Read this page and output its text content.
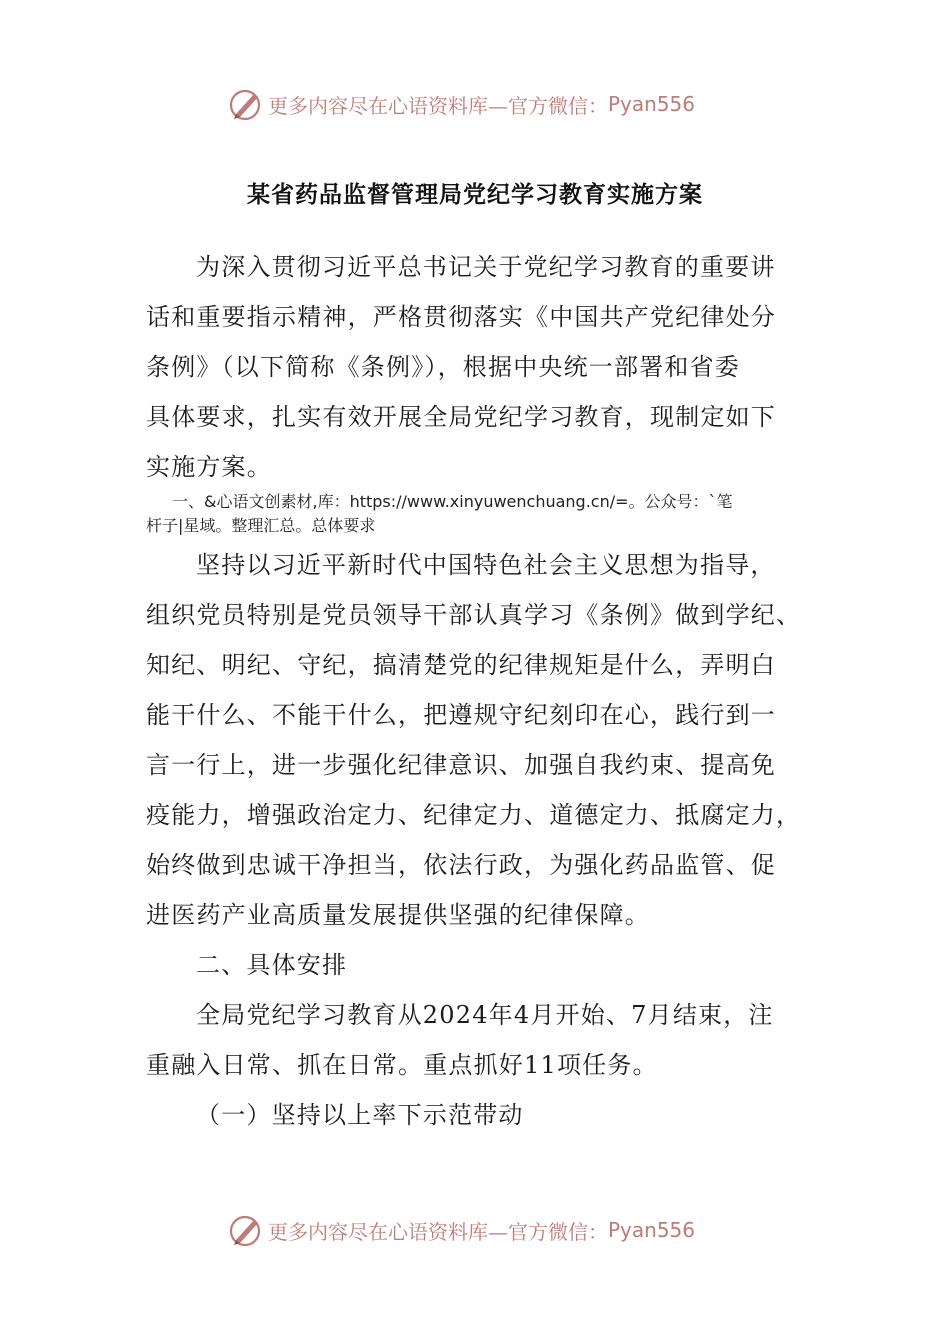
更多内容尽在心语资料库—官方微信： Pyan556
某省药品监督管理局党纪学习教育实施方案
为深入贯彻习近平总书记关于党纪学习教育的重要讲
话和重要指示精神，严格贯彻落实《中国共产党纪律处分
条例》（以下简称《条例》），根据中央统一部署和省委
具体要求，扎实有效开展全局党纪学习教育，现制定如下
实施方案。
一、&心语文创素材,库：https://www.xinyuwenchuang.cn/=。公众号：`笔
杆子|星域。整理汇总。总体要求
坚持以习近平新时代中国特色社会主义思想为指导，
组织党员特别是党员领导干部认真学习《条例》做到学纪、
知纪、明纪、守纪，搞清楚党的纪律规矩是什么，弄明白
能干什么、不能干什么，把遵规守纪刻印在心，践行到一
言一行上，进一步强化纪律意识、加强自我约束、提高免
疫能力，增强政治定力、纪律定力、道德定力、抵腐定力，
始终做到忠诚干净担当，依法行政，为强化药品监管、促
进医药产业高质量发展提供坚强的纪律保障。
二、具体安排
全局党纪学习教育从2024年4月开始、7月结束，注
重融入日常、抓在日常。重点抓好11项任务。
（一）坚持以上率下示范带动
更多内容尽在心语资料库—官方微信： Pyan556
